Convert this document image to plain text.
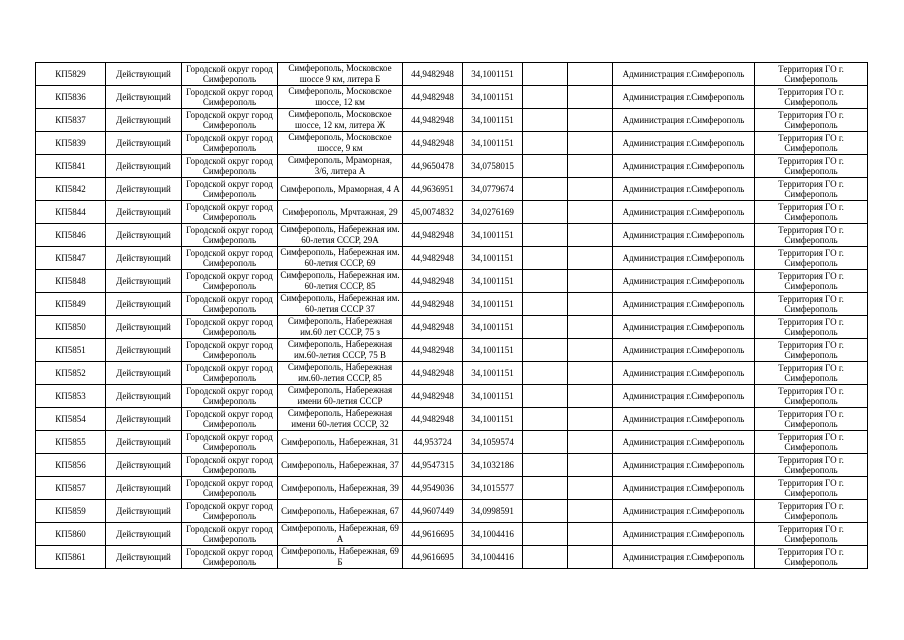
КП5829	Действующий	Городской округ город Симферополь	Симферополь, Московское шоссе 9 км, литера Б	44,9482948	34,1001151			Администрация г.Симферополь	Территория ГО г. Симферополь
КП5836	Действующий	Городской округ город Симферополь	Симферополь, Московское шоссе, 12 км	44,9482948	34,1001151			Администрация г.Симферополь	Территория ГО г. Симферополь
КП5837	Действующий	Городской округ город Симферополь	Симферополь, Московское шоссе, 12 км, литера Ж	44,9482948	34,1001151			Администрация г.Симферополь	Территория ГО г. Симферополь
КП5839	Действующий	Городской округ город Симферополь	Симферополь, Московское шоссе, 9 км	44,9482948	34,1001151			Администрация г.Симферополь	Территория ГО г. Симферополь
КП5841	Действующий	Городской округ город Симферополь	Симферополь, Мраморная, 3/6, литера А	44,9650478	34,0758015			Администрация г.Симферополь	Территория ГО г. Симферополь
КП5842	Действующий	Городской округ город Симферополь	Симферополь, Мраморная, 4 А	44,9636951	34,0779674			Администрация г.Симферополь	Территория ГО г. Симферополь
КП5844	Действующий	Городской округ город Симферополь	Симферополь, Мрчтажная, 29	45,0074832	34,0276169			Администрация г.Симферополь	Территория ГО г. Симферополь
КП5846	Действующий	Городской округ город Симферополь	Симферополь, Набережная им. 60-летия СССР, 29А	44,9482948	34,1001151			Администрация г.Симферополь	Территория ГО г. Симферополь
КП5847	Действующий	Городской округ город Симферополь	Симферополь, Набережная им. 60-летия СССР, 69	44,9482948	34,1001151			Администрация г.Симферополь	Территория ГО г. Симферополь
КП5848	Действующий	Городской округ город Симферополь	Симферополь, Набережная им. 60-летия СССР, 85	44,9482948	34,1001151			Администрация г.Симферополь	Территория ГО г. Симферополь
КП5849	Действующий	Городской округ город Симферополь	Симферополь, Набережная им. 60-летия СССР 37	44,9482948	34,1001151			Администрация г.Симферополь	Территория ГО г. Симферополь
КП5850	Действующий	Городской округ город Симферополь	Симферополь, Набережная им.60 лет СССР, 75 з	44,9482948	34,1001151			Администрация г.Симферополь	Территория ГО г. Симферополь
КП5851	Действующий	Городской округ город Симферополь	Симферополь, Набережная им.60-летия СССР, 75 В	44,9482948	34,1001151			Администрация г.Симферополь	Территория ГО г. Симферополь
КП5852	Действующий	Городской округ город Симферополь	Симферополь, Набережная им.60-летия СССР, 85	44,9482948	34,1001151			Администрация г.Симферополь	Территория ГО г. Симферополь
КП5853	Действующий	Городской округ город Симферополь	Симферополь, Набережная имени 60-летия СССР	44,9482948	34,1001151			Администрация г.Симферополь	Территория ГО г. Симферополь
КП5854	Действующий	Городской округ город Симферополь	Симферополь, Набережная имени 60-летия СССР, 32	44,9482948	34,1001151			Администрация г.Симферополь	Территория ГО г. Симферополь
КП5855	Действующий	Городской округ город Симферополь	Симферополь, Набережная, 31	44,953724	34,1059574			Администрация г.Симферополь	Территория ГО г. Симферополь
КП5856	Действующий	Городской округ город Симферополь	Симферополь, Набережная, 37	44,9547315	34,1032186			Администрация г.Симферополь	Территория ГО г. Симферополь
КП5857	Действующий	Городской округ город Симферополь	Симферополь, Набережная, 39	44,9549036	34,1015577			Администрация г.Симферополь	Территория ГО г. Симферополь
КП5859	Действующий	Городской округ город Симферополь	Симферополь, Набережная, 67	44,9607449	34,0998591			Администрация г.Симферополь	Территория ГО г. Симферополь
КП5860	Действующий	Городской округ город Симферополь	Симферополь, Набережная, 69 А	44,9616695	34,1004416			Администрация г.Симферополь	Территория ГО г. Симферополь
КП5861	Действующий	Городской округ город Симферополь	Симферополь, Набережная, 69 Б	44,9616695	34,1004416			Администрация г.Симферополь	Территория ГО г. Симферополь
